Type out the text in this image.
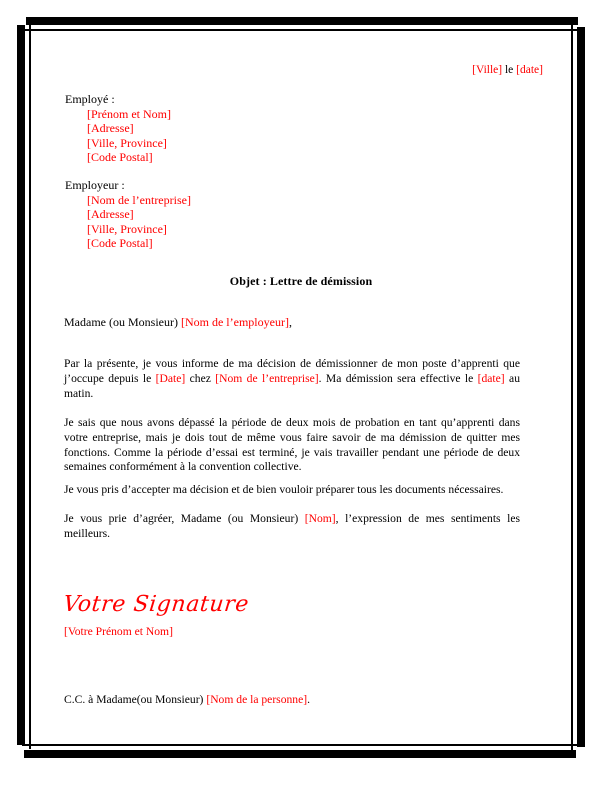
[Ville] le [date]
Employé :
[Prénom et Nom]
[Adresse]
[Ville, Province]
[Code Postal]
Employeur :
[Nom de l’entreprise]
[Adresse]
[Ville, Province]
[Code Postal]
Objet : Lettre de démission
Madame (ou Monsieur) [Nom de l’employeur],
Par la présente, je vous informe de ma décision de démissionner de mon poste d’apprenti que j’occupe depuis le [Date] chez [Nom de l’entreprise]. Ma démission sera effective le [date] au matin.
Je sais que nous avons dépassé la période de deux mois de probation en tant qu’apprenti dans votre entreprise, mais je dois tout de même vous faire savoir de ma démission de quitter mes fonctions. Comme la période d’essai est terminé, je vais travailler pendant une période de deux semaines conformément à la convention collective.
Je vous pris d’accepter ma décision et de bien vouloir préparer tous les documents nécessaires.
Je vous prie d’agréer, Madame (ou Monsieur) [Nom], l’expression de mes sentiments les meilleurs.
Votre Signature
[Votre Prénom et Nom]
C.C. à Madame(ou Monsieur) [Nom de la personne].
